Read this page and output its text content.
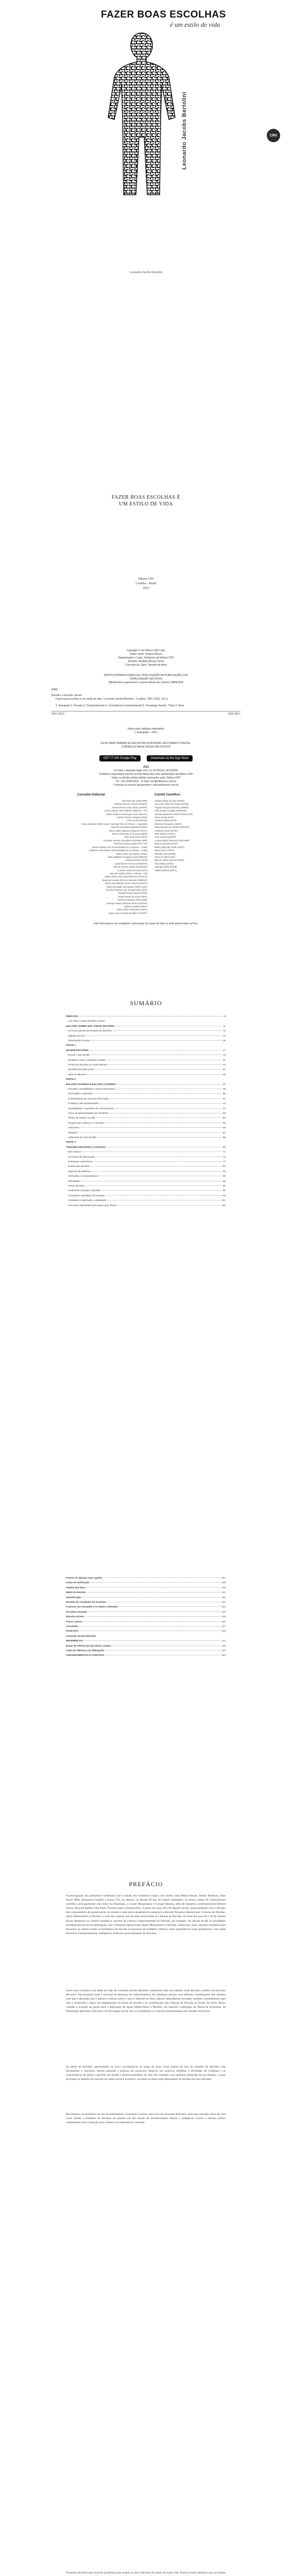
FAZER BOAS ESCOLHAS
é um estilo de vida
Leonardo Jacobs Bertolini	CRV
Leonardo Jacobs Bertolini
FAZER BOAS ESCOLHAS É
UM ESTILO DE VIDA
Editora CRV
Curitiba – Brasil
2023
Copyright © da Editora CRV Ltda.
Editor-chefe: Railson Moura
Diagramação e Capa: Designers da Editora CRV
Revisão: Analista Moura Cunha
Correção de Capa: Tamaah de Artes
DADOS INTERNACIONAIS DE CATALOGAÇÃO NA PUBLICAÇÃO (CIP)
CATALOGAÇÃO NA FONTE
Bibliotecária responsável: Luzenira Alves dos Santos CRB9/1506
B486
Bertolini, Leonardo Jacobs
Fazer boas escolhas é um estilo de vida / Leonardo Jacobs Bertolini – Curitiba : CRV, 2023. 124 p.
1. Autoajuda 2. Decisão 3. Comportamento 4. Consciência Comportamental 5. Psicologia Social I. Título II. Série.
CDU 159.9	CDD 158.1
Índice para catálogo sistemático
1. Autoajuda – 158.1
ESTA OBRA TAMBÉM SE ENCONTRA DISPONÍVEL EM FORMATO DIGITAL.
CONHEÇA E BAIXE NOSSO APLICATIVO!
GET IT ON Google Play	Download on the App Store
2023
Foi feito o depósito legal conf. Lei 10.994 de 14/12/2004
Proibida a reprodução parcial ou total desta obra sem autorização da Editora CRV
Todos os direitos desta edição reservados pela: Editora CRV
Tel.: (41) 3029-6416 – E-mail: sac@editoracrv.com.br
Conheça os nossos lançamentos: www.editoracrv.com.br
Conselho Editorial:	Comitê Científico:
Aldo Rezende (UNICAMP)
Anselmo Alencar Colares (UFOPA)
Antônio Pereira Gaio Júnior (UFRRJ)
Carlos Alberto Vilar Estêvão (UMINHO – PT)
Carlos Federico Dominguez Avila (Unieuro)
Carmen Tereza Velanga (UNIR)
Celso Conti (UFSCar)
Cesar Gerónimo Tello (Univer. Nacional Três de Febrero – Argentina)
Eduardo Fernandes Barbosa (UFMG)
Elione Maria Nogueira Diogenes (UFAL)
Elizeu Clementino de Souza (UNEB)
Élsio José Corá (UFFS)
Fernando Antônio Gonçalves Alcoforado (IPB)
Francisco Carlos Duarte (PUC-PR)
Gloria Fariñas León (Universidade de La Havana – Cuba)
Guillermo Arias Beatón (Universidade de La Havana – Cuba)
Jailson Alves dos Santos (UFRJ)
João Adalberto Campato Junior (UNESP)
Josania Portela (UFPI)
Leonel Severo Rocha (UNISINOS)
Lídia de Oliveira Xavier (UNIEURO)
Lourdes Helena da Silva (UFV)
Marcelo Paixão (UFRJ e UTexas – US)
Maria Cristina dos Santos Bezerra (UFSCar)
Maria de Lourdes Pinto de Almeida (UNOESC)
Maria Lília Imbiriba Sousa Colares (UFOPA)
Paulo Romualdo Hernandes (UNIFAL-MG)
Renato Francisco dos Santos Paula (UFG)
Rodrigo Pratte-Santos (UFES)
Sérgio Nunes de Jesus (IFRO)
Simone Rodrigues Pinto (UNB)
Solange Helena Ximenes-Rocha (UFOPA)
Sydione Santos (UEPG)
Tadeu Oliver Gonçalves (UFPA)
Tania Suely Azevedo Brasileiro (UFOPA)
Adriana Paula da Silva (UFRN)
Ana Lúcia Nunes de Sousa (UFSB)
Ângela Gonçalves Bonfim (UNESP)
Célia Regina Congilio (UNIFESP)
Claudia Aparecida Avelar Ferreira (UFF)
Clecio Gorga (UPE)
Cristiane Mattar (IFSP)
Emerson Gonçalves (UERJ)
Fábio Mansano de Mello (UNIFESP)
Gabriela Gomes (UFSC)
Jane Bleicker (UFSC)
José Antonio (UNESP)
Luciana Maria Giovanni (UNICAMP)
Marcos Eduardo (UFBA)
Maria Aparecida Tonelli (UFSC)
Marta Fosco (UFRJ)
Michelle Leite (UFPB)
Paulo de Tarso (UFS)
Rita de Cássia Gomes (UFRN)
Silvia Maria (UFBA)
Solange Rocha (UFPB)
Valdete Martins (UFPA)
Este livro passou por avaliação e aprovação às cegas de dois ou mais pareceristas ad hoc.
SUMÁRIO
PREFÁCIO	9
Luiz Flávio Araújo Monteiro Gomes
UM LIVRO SOBRE QUE TOMAR DECISÕES	11
Os Cinco passos do tomador de decisões	13
Objetivo do livro	14
Observação do autor	15
PARTE 1
DECIDIR DECISÕES	17
Decidir o que decidir	19
Escolhas certas e escolhas erradas	22
Treinar de decisões se mede demais	24
Decisões de longo prazo	27
Tipos de dilemas	29
PARTE 2
BALANÇO INTERNO E BALANÇO EXTERNO	33
Emoções, sensibilidade e autoconhecimento	35
Informação e repertório	38
Conhecimento de uma boa informação	41
O balanço das oportunidades	44
Sensibilidade e repertório do conhecimento	47
Como as oportunidades nos escolhem	50
Tempo de realizar na vida	53
Tempos das o dilema, e a emoção	56
Autonomia	59
Respeito	62
Adiamento de uma decisão	65
PARTE 3
TOMANDO DECISÕES O ASSUNTO	69
Bom Dilema	71
Os pontos de informação	74
Premissas e Benefícios	77
Pontos das decisões	80
Algumas da dinâmica	83
Alternativa o consequências	86
Dificuldade	89
Tomar decisões	92
Finalmente tomando a decisão	95
Consciente estratégico da situação	98
Considere a implicação e adaptação	101
Conceitos importantes para quem quer decidir	104
Formas de agrupar suas opções	107
Listas de verificação	108
Análise dos fatos	109
Matriz de decisão	110
Classificação	111
Decisão em condições de incerteza	112
O pensar nas variações e os dados ordenados	113
Um plano exemplo	114
Decisão correta	115
Passo a passo	116
Conclusão	117
POSFÁCIO	119
Leonardo Jacobs Bertolini
REFERÊNCIAS	121
Bases de referências dos títulos citados	122
Links de referência da bibliografia	123
AGRADECIMENTOS E CONTATOS	124
PREFÁCIO
A preocupação dos pensadores ocidentais com o estudo dos tomadores surgiu com nomes como Blaise Pascal, Jeremy Bentham, John Stuart Mills, Benjamin Franklin e outros. Foi, no entanto, na década 60 que foi estudo sistemático se tornou campo de conhecimento científico, principalmente com John von Neumann, o Lionel Morgenstern e George Dantzig, além de inúmeros contribuintes de Herbert Simon, Howard Raiffa, John Nash, Thomas Saaty e Bernard Roy. A partir dos anos 50 e 60 daquele século, principalmente com o advento dos computadores de grande porte, os estudos e aplicações quantitativos passaram a decretar Pesquisa Operacional, Ciências de Decisão, Apoio Multicritério à Decisão, o ciclo das análises das decisões envolvendo as Ciências de Decisão. Ao final dos anos 60 e 70 do mesmo século despontou no cenário mundial a corrente da Ciência Comportamental de Decisão, por exemplo. Na década de 80, às prioridades fundamentais da era da informação com a Pesquisa Operacional, Apoio Multicritério à Decisão, nomes que, hoje, parecem caminhos para encontrar ao mesmo tempo os fenômenos de decisão no processo de múltiplos critérios, tanto quantitativos como qualitativos, com ajuda Decisória Comportamental, inteligência artificial e processamento de decisões.
Fazer boas escolhas é um estilo de vida, de Leonardo Jacobs Bertolini, representa mais um trabalho neste período e prático do processo decisório. Na produção mais o universo de literatura de conhecimentos, são inúmeros autores com infinitas contribuições. Em sintonia com que é abordado não é apenas o esforço sobre o que se referiria na obra, embora radicalmente inovador, também, entendimento aqui este a construção a lógica de interpretações da teoria da decisão e as contribuições das Ciências de Decisão na forma, de forma direta, visando a inclusão na ponte entre a Aplicação de Apoio Multicritério à Decisão, em especial a aplicação da Teoria da Economia, da Neurologia Aplicada à Decisão e da Psicologia Social. Isso se constituído os contextos predominantes dos estudos decisórios.
Os perfis de decisões, apresentados no livro, encontram-se ao longo do texto. Uma análise da área do tomador de decisões com ferramentas e conceitos, mesmo pessoais e práticas em processos relativos aos motivos, trabalhos e atividades do cotidiano e as características de ideias e opiniões em tarefas e desenvolvimentos da vida. Por exemplo, nos capítulos essenciais de sua mestria, o autor se propõe ao desafio do conceito de cunho social e evolutivo, ao tomar as bases mais importantes da decisão em seus decisões.
Recomendo, no momento em um reconhecimento conceitual e prático este livro de Leonardo Bertolini, uma que cativante cheio de vida como atende o problema de decisões da pessoas em um mundo de transformações diárias e complexas. Lorem o esforço, porém continuando com a intenção para a leitura sua importância crescente.
Tomamos decisões para resolver problemas que surgem no que cada hora do tempo de nossa vida. Embora todos saibamos que os homens
